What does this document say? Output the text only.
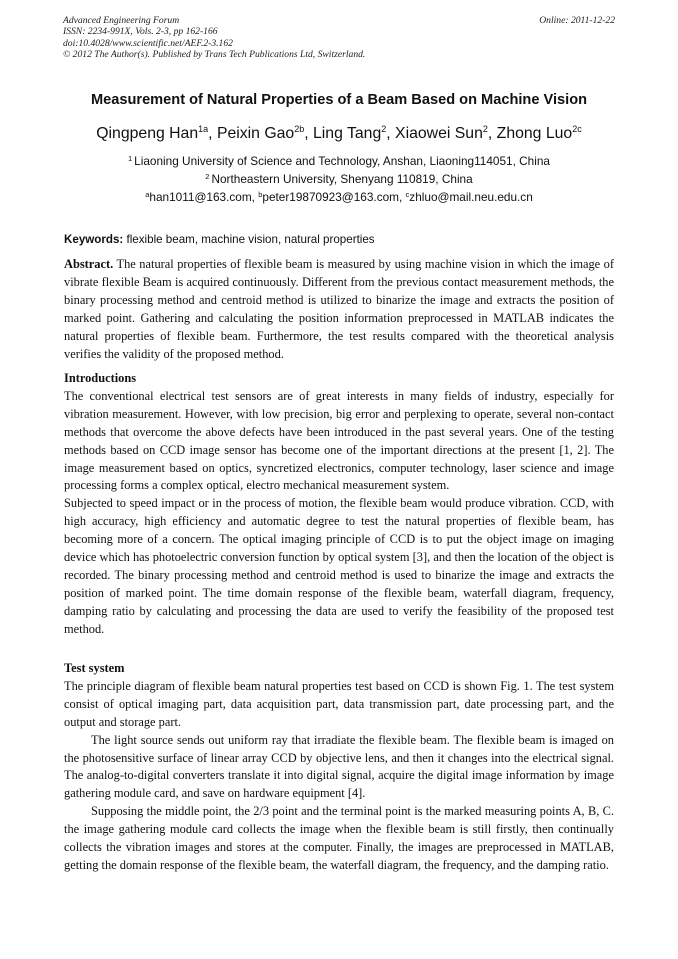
Advanced Engineering Forum	Online: 2011-12-22
ISSN: 2234-991X, Vols. 2-3, pp 162-166
doi:10.4028/www.scientific.net/AEF.2-3.162
© 2012 The Author(s). Published by Trans Tech Publications Ltd, Switzerland.
Measurement of Natural Properties of a Beam Based on Machine Vision
Qingpeng Han$^{1a}$, Peixin Gao$^{2b}$, Ling Tang$^2$, Xiaowei Sun$^2$, Zhong Luo$^{2c}$
$^1$ Liaoning University of Science and Technology, Anshan, Liaoning114051, China
$^2$ Northeastern University, Shenyang 110819, China
$^a$han1011@163.com, $^b$peter19870923@163.com, $^c$zhluo@mail.neu.edu.cn
Keywords: flexible beam, machine vision, natural properties

Abstract. The natural properties of flexible beam is measured by using machine vision in which the image of vibrate flexible Beam is acquired continuously. Different from the previous contact measurement methods, the binary processing method and centroid method is utilized to binarize the image and extracts the position of marked point. Gathering and calculating the position information preprocessed in MATLAB indicates the natural properties of flexible beam. Furthermore, the test results compared with the theoretical analysis verifies the validity of the proposed method.

Introductions

The conventional electrical test sensors are of great interests in many fields of industry, especially for vibration measurement. However, with low precision, big error and perplexing to operate, several non-contact methods that overcome the above defects have been introduced in the past several years. One of the testing methods based on CCD image sensor has become one of the important directions at the present [1, 2]. The image measurement based on optics, syncretized electronics, computer technology, laser science and image processing forms a complex optical, electro mechanical measurement system.

Subjected to speed impact or in the process of motion, the flexible beam would produce vibration. CCD, with high accuracy, high efficiency and automatic degree to test the natural properties of flexible beam, has becoming more of a concern. The optical imaging principle of CCD is to put the object image on imaging device which has photoelectric conversion function by optical system [3], and then the location of the object is recorded. The binary processing method and centroid method is used to binarize the image and extracts the position of marked point. The time domain response of the flexible beam, waterfall diagram, frequency, damping ratio by calculating and processing the data are used to verify the feasibility of the proposed test method.

Test system

The principle diagram of flexible beam natural properties test based on CCD is shown Fig. 1. The test system consist of optical imaging part, data acquisition part, data transmission part, date processing part, and the output and storage part.

The light source sends out uniform ray that irradiate the flexible beam. The flexible beam is imaged on the photosensitive surface of linear array CCD by objective lens, and then it changes into the electrical signal. The analog-to-digital converters translate it into digital signal, acquire the digital image information by image gathering module card, and save on hardware equipment [4].

Supposing the middle point, the 2/3 point and the terminal point is the marked measuring points A, B, C. the image gathering module card collects the image when the flexible beam is still firstly, then continually collects the vibration images and stores at the computer. Finally, the images are preprocessed in MATLAB, getting the domain response of the flexible beam, the waterfall diagram, the frequency, and the damping ratio.
